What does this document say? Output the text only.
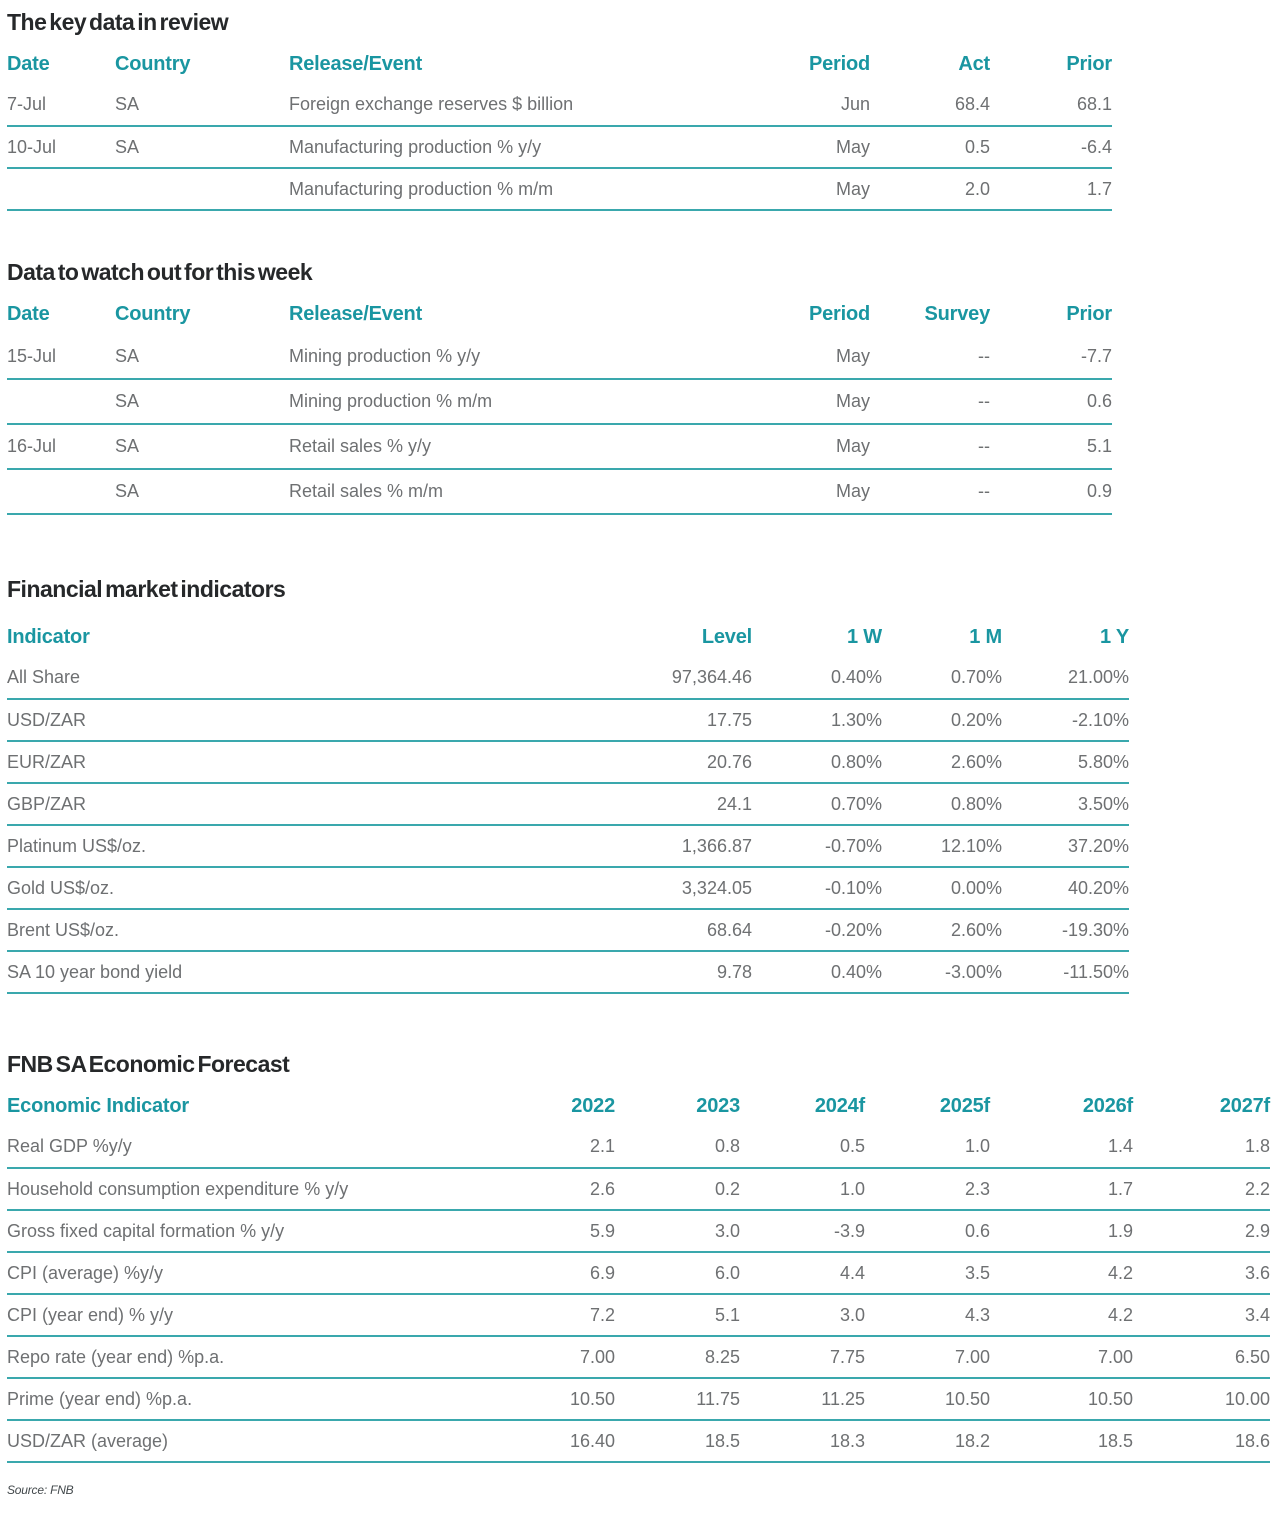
The key data in review
Date	Country	Release/Event	Period	Act	Prior
7-Jul	SA	Foreign exchange reserves $ billion	Jun	68.4	68.1
10-Jul	SA	Manufacturing production % y/y	May	0.5	-6.4
		Manufacturing production % m/m	May	2.0	1.7
Data to watch out for this week
Date	Country	Release/Event	Period	Survey	Prior
15-Jul	SA	Mining production % y/y	May	--	-7.7
	SA	Mining production % m/m	May	--	0.6
16-Jul	SA	Retail sales % y/y	May	--	5.1
	SA	Retail sales % m/m	May	--	0.9
Financial market indicators
Indicator	Level	1 W	1 M	1 Y
All Share	97,364.46	0.40%	0.70%	21.00%
USD/ZAR	17.75	1.30%	0.20%	-2.10%
EUR/ZAR	20.76	0.80%	2.60%	5.80%
GBP/ZAR	24.1	0.70%	0.80%	3.50%
Platinum US$/oz.	1,366.87	-0.70%	12.10%	37.20%
Gold US$/oz.	3,324.05	-0.10%	0.00%	40.20%
Brent US$/oz.	68.64	-0.20%	2.60%	-19.30%
SA 10 year bond yield	9.78	0.40%	-3.00%	-11.50%
FNB SA Economic Forecast
Economic Indicator	2022	2023	2024f	2025f	2026f	2027f
Real GDP %y/y	2.1	0.8	0.5	1.0	1.4	1.8
Household consumption expenditure % y/y	2.6	0.2	1.0	2.3	1.7	2.2
Gross fixed capital formation % y/y	5.9	3.0	-3.9	0.6	1.9	2.9
CPI (average) %y/y	6.9	6.0	4.4	3.5	4.2	3.6
CPI (year end) % y/y	7.2	5.1	3.0	4.3	4.2	3.4
Repo rate (year end) %p.a.	7.00	8.25	7.75	7.00	7.00	6.50
Prime (year end) %p.a.	10.50	11.75	11.25	10.50	10.50	10.00
USD/ZAR (average)	16.40	18.5	18.3	18.2	18.5	18.6

Source: FNB
